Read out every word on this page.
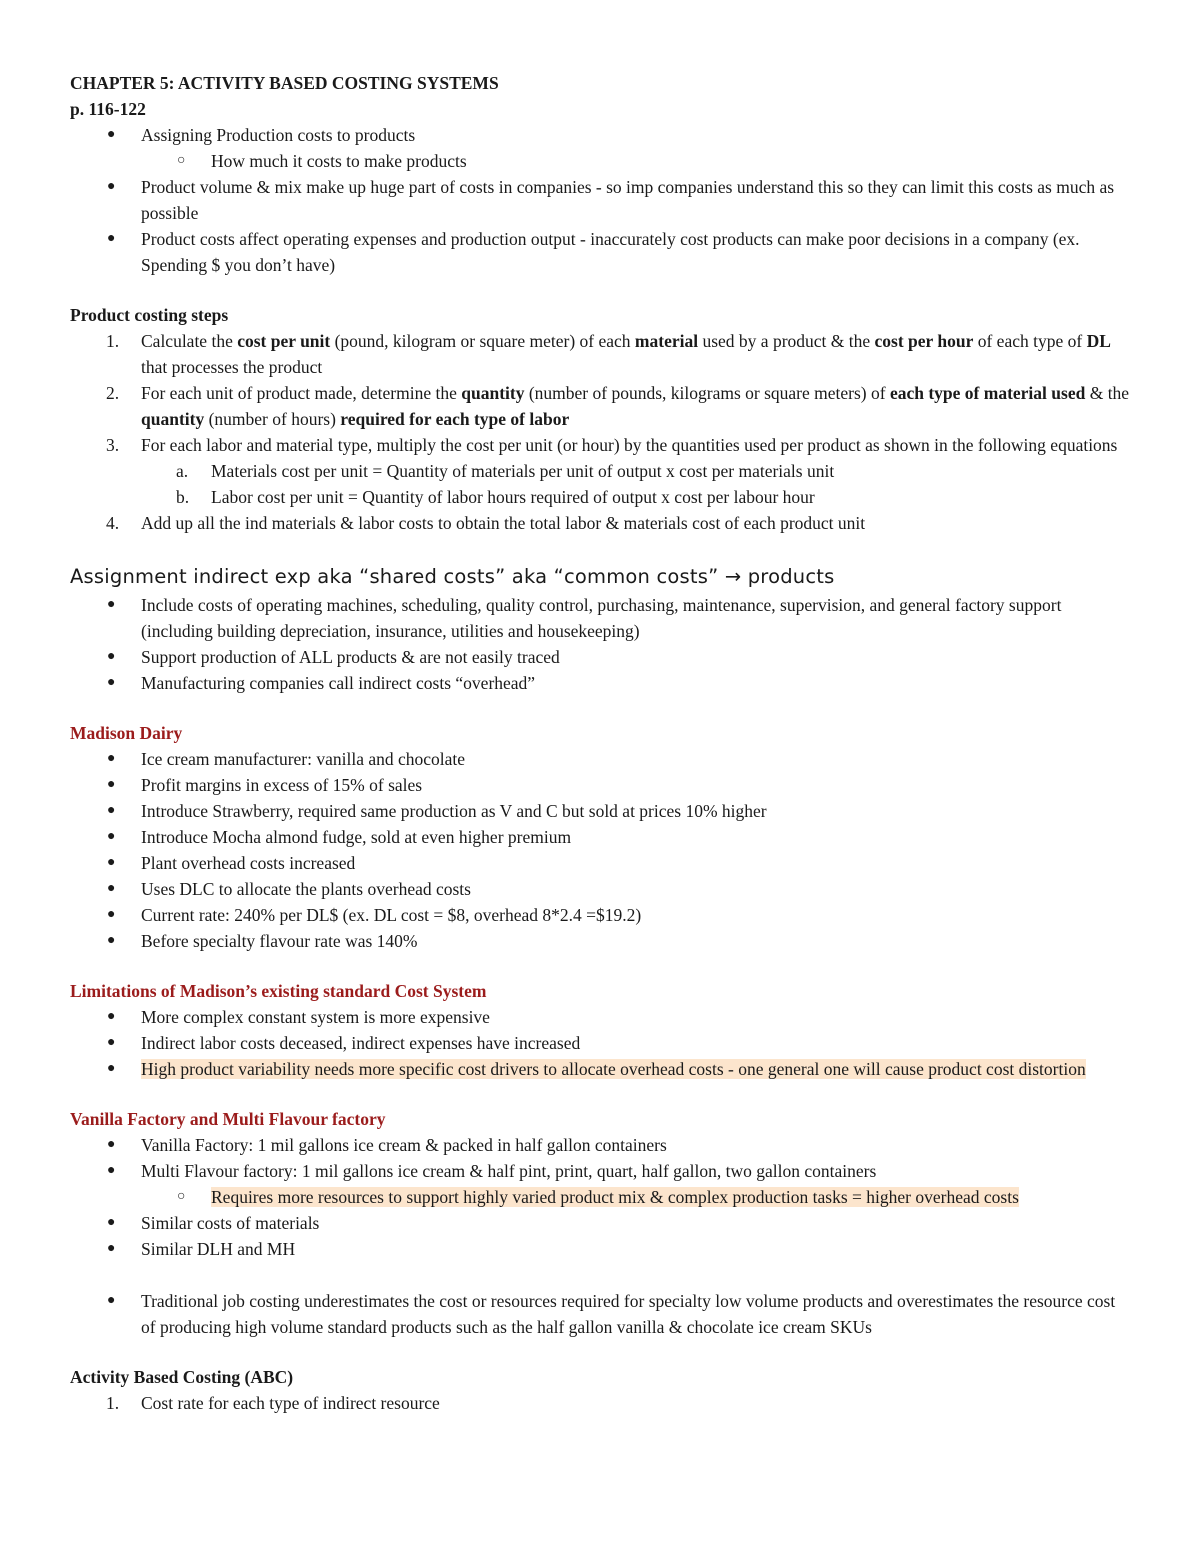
CHAPTER 5: ACTIVITY BASED COSTING SYSTEMS
p. 116-122
● Assigning Production costs to products
○ How much it costs to make products
● Product volume & mix make up huge part of costs in companies - so imp companies understand this so they can limit this costs as much as possible
● Product costs affect operating expenses and production output - inaccurately cost products can make poor decisions in a company (ex. Spending $ you don’t have)
Product costing steps
1. Calculate the cost per unit (pound, kilogram or square meter) of each material used by a product & the cost per hour of each type of DL that processes the product
2. For each unit of product made, determine the quantity (number of pounds, kilograms or square meters) of each type of material used & the quantity (number of hours) required for each type of labor
3. For each labor and material type, multiply the cost per unit (or hour) by the quantities used per product as shown in the following equations
a. Materials cost per unit = Quantity of materials per unit of output x cost per materials unit
b. Labor cost per unit = Quantity of labor hours required of output x cost per labour hour
4. Add up all the ind materials & labor costs to obtain the total labor & materials cost of each product unit
Assignment indirect exp aka “shared costs” aka “common costs” → products
● Include costs of operating machines, scheduling, quality control, purchasing, maintenance, supervision, and general factory support (including building depreciation, insurance, utilities and housekeeping)
● Support production of ALL products & are not easily traced
● Manufacturing companies call indirect costs “overhead”
Madison Dairy
● Ice cream manufacturer: vanilla and chocolate
● Profit margins in excess of 15% of sales
● Introduce Strawberry, required same production as V and C but sold at prices 10% higher
● Introduce Mocha almond fudge, sold at even higher premium
● Plant overhead costs increased
● Uses DLC to allocate the plants overhead costs
● Current rate: 240% per DL$ (ex. DL cost = $8, overhead 8*2.4 =$19.2)
● Before specialty flavour rate was 140%
Limitations of Madison’s existing standard Cost System
● More complex constant system is more expensive
● Indirect labor costs deceased, indirect expenses have increased
● High product variability needs more specific cost drivers to allocate overhead costs - one general one will cause product cost distortion
Vanilla Factory and Multi Flavour factory
● Vanilla Factory: 1 mil gallons ice cream & packed in half gallon containers
● Multi Flavour factory: 1 mil gallons ice cream & half pint, print, quart, half gallon, two gallon containers
○ Requires more resources to support highly varied product mix & complex production tasks = higher overhead costs
● Similar costs of materials
● Similar DLH and MH
● Traditional job costing underestimates the cost or resources required for specialty low volume products and overestimates the resource cost of producing high volume standard products such as the half gallon vanilla & chocolate ice cream SKUs
Activity Based Costing (ABC)
1. Cost rate for each type of indirect resource
